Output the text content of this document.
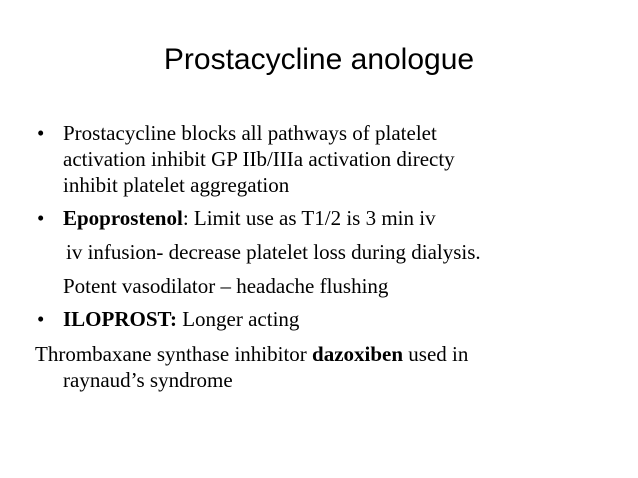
Prostacycline anologue
• Prostacycline blocks all pathways of platelet
activation inhibit GP IIb/IIIa activation directy
inhibit platelet aggregation
• Epoprostenol: Limit use as T1/2 is 3 min iv
iv infusion- decrease platelet loss during dialysis.
Potent vasodilator – headache flushing
• ILOPROST: Longer acting
Thrombaxane synthase inhibitor dazoxiben used in
raynaud’s syndrome
